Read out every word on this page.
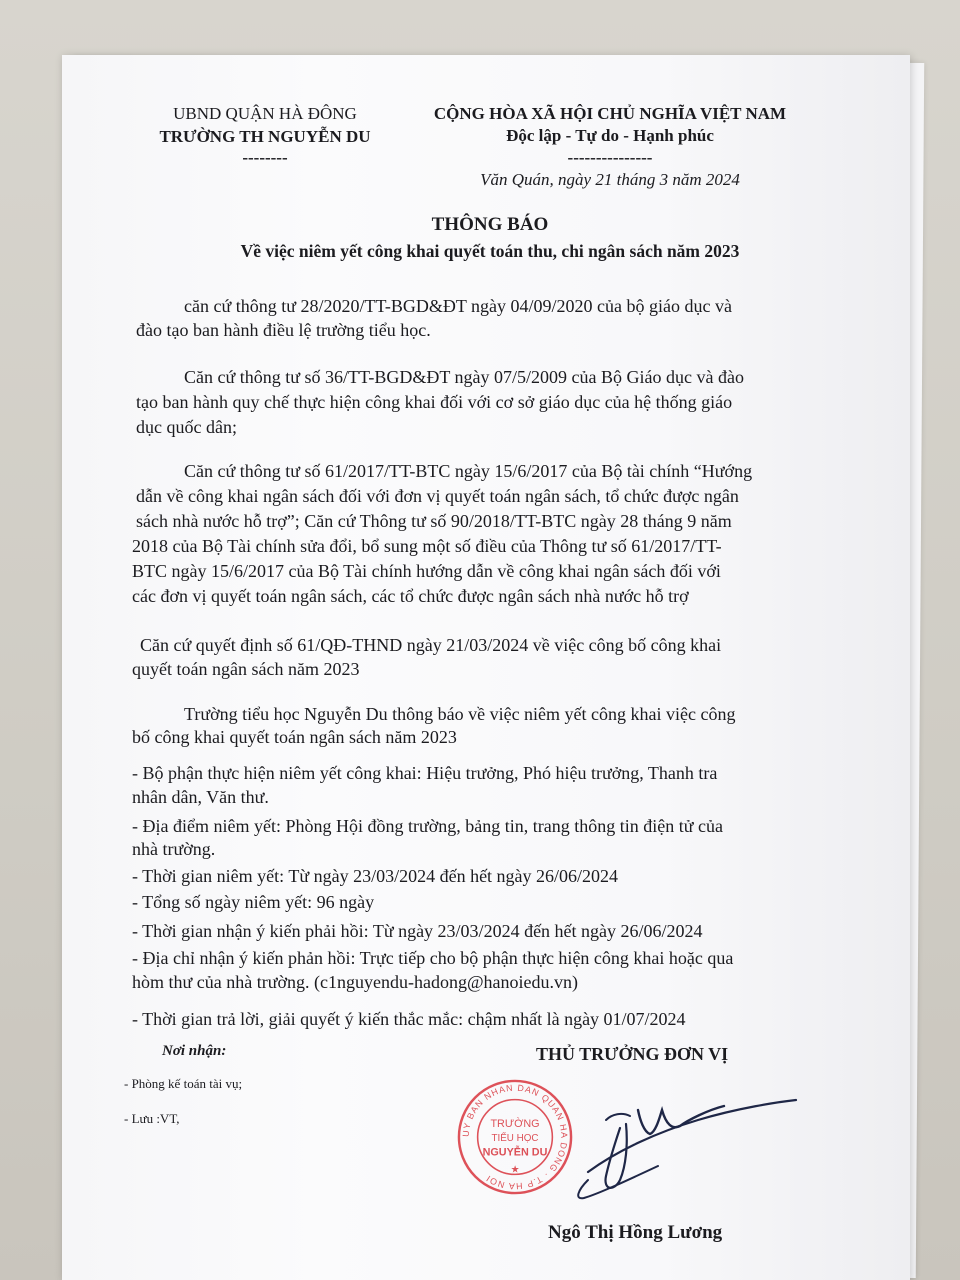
UBND QUẬN HÀ ĐÔNG
TRƯỜNG TH NGUYỄN DU
--------
CỘNG HÒA XÃ HỘI CHỦ NGHĨA VIỆT NAM
Độc lập - Tự do - Hạnh phúc
---------------
Văn Quán, ngày 21 tháng 3 năm 2024
THÔNG BÁO
Về việc niêm yết công khai quyết toán thu, chi ngân sách năm 2023
căn cứ thông tư 28/2020/TT-BGD&ĐT ngày 04/09/2020 của bộ giáo dục và
đào tạo ban hành điều lệ trường tiểu học.
Căn cứ thông tư số 36/TT-BGD&ĐT ngày 07/5/2009 của Bộ Giáo dục và đào
tạo ban hành quy chế thực hiện công khai đối với cơ sở giáo dục của hệ thống giáo
dục quốc dân;
Căn cứ thông tư số 61/2017/TT-BTC ngày 15/6/2017 của Bộ tài chính “Hướng
dẫn về công khai ngân sách đối với đơn vị quyết toán ngân sách, tổ chức được ngân
sách nhà nước hỗ trợ”; Căn cứ Thông tư số 90/2018/TT-BTC ngày 28 tháng 9 năm
2018 của Bộ Tài chính sửa đổi, bổ sung một số điều của Thông tư số 61/2017/TT-
BTC ngày 15/6/2017 của Bộ Tài chính hướng dẫn về công khai ngân sách đối với
các đơn vị quyết toán ngân sách, các tổ chức được ngân sách nhà nước hỗ trợ
Căn cứ quyết định số 61/QĐ-THND ngày 21/03/2024 về việc công bố công khai
quyết toán ngân sách năm 2023
Trường tiểu học Nguyễn Du thông báo về việc niêm yết công khai việc công
bố công khai quyết toán ngân sách năm 2023
- Bộ phận thực hiện niêm yết công khai: Hiệu trưởng, Phó hiệu trưởng, Thanh tra
nhân dân, Văn thư.
- Địa điểm niêm yết: Phòng Hội đồng trường, bảng tin, trang thông tin điện tử của
nhà trường.
- Thời gian niêm yết: Từ ngày 23/03/2024 đến hết ngày 26/06/2024
- Tổng số ngày niêm yết: 96 ngày
- Thời gian nhận ý kiến phải hồi: Từ ngày 23/03/2024 đến hết ngày 26/06/2024
- Địa chỉ nhận ý kiến phản hồi: Trực tiếp cho bộ phận thực hiện công khai hoặc qua
hòm thư của nhà trường. (c1nguyendu-hadong@hanoiedu.vn)
- Thời gian trả lời, giải quyết ý kiến thắc mắc: chậm nhất là ngày 01/07/2024
Nơi nhận:
- Phòng kế toán tài vụ;
- Lưu :VT,
THỦ TRƯỞNG ĐƠN VỊ
UY BAN NHAN DAN QUAN HA DONG · T.P HA NOI
TRƯỜNG
TIỂU HỌC
NGUYỄN DU
★
Ngô Thị Hồng Lương
